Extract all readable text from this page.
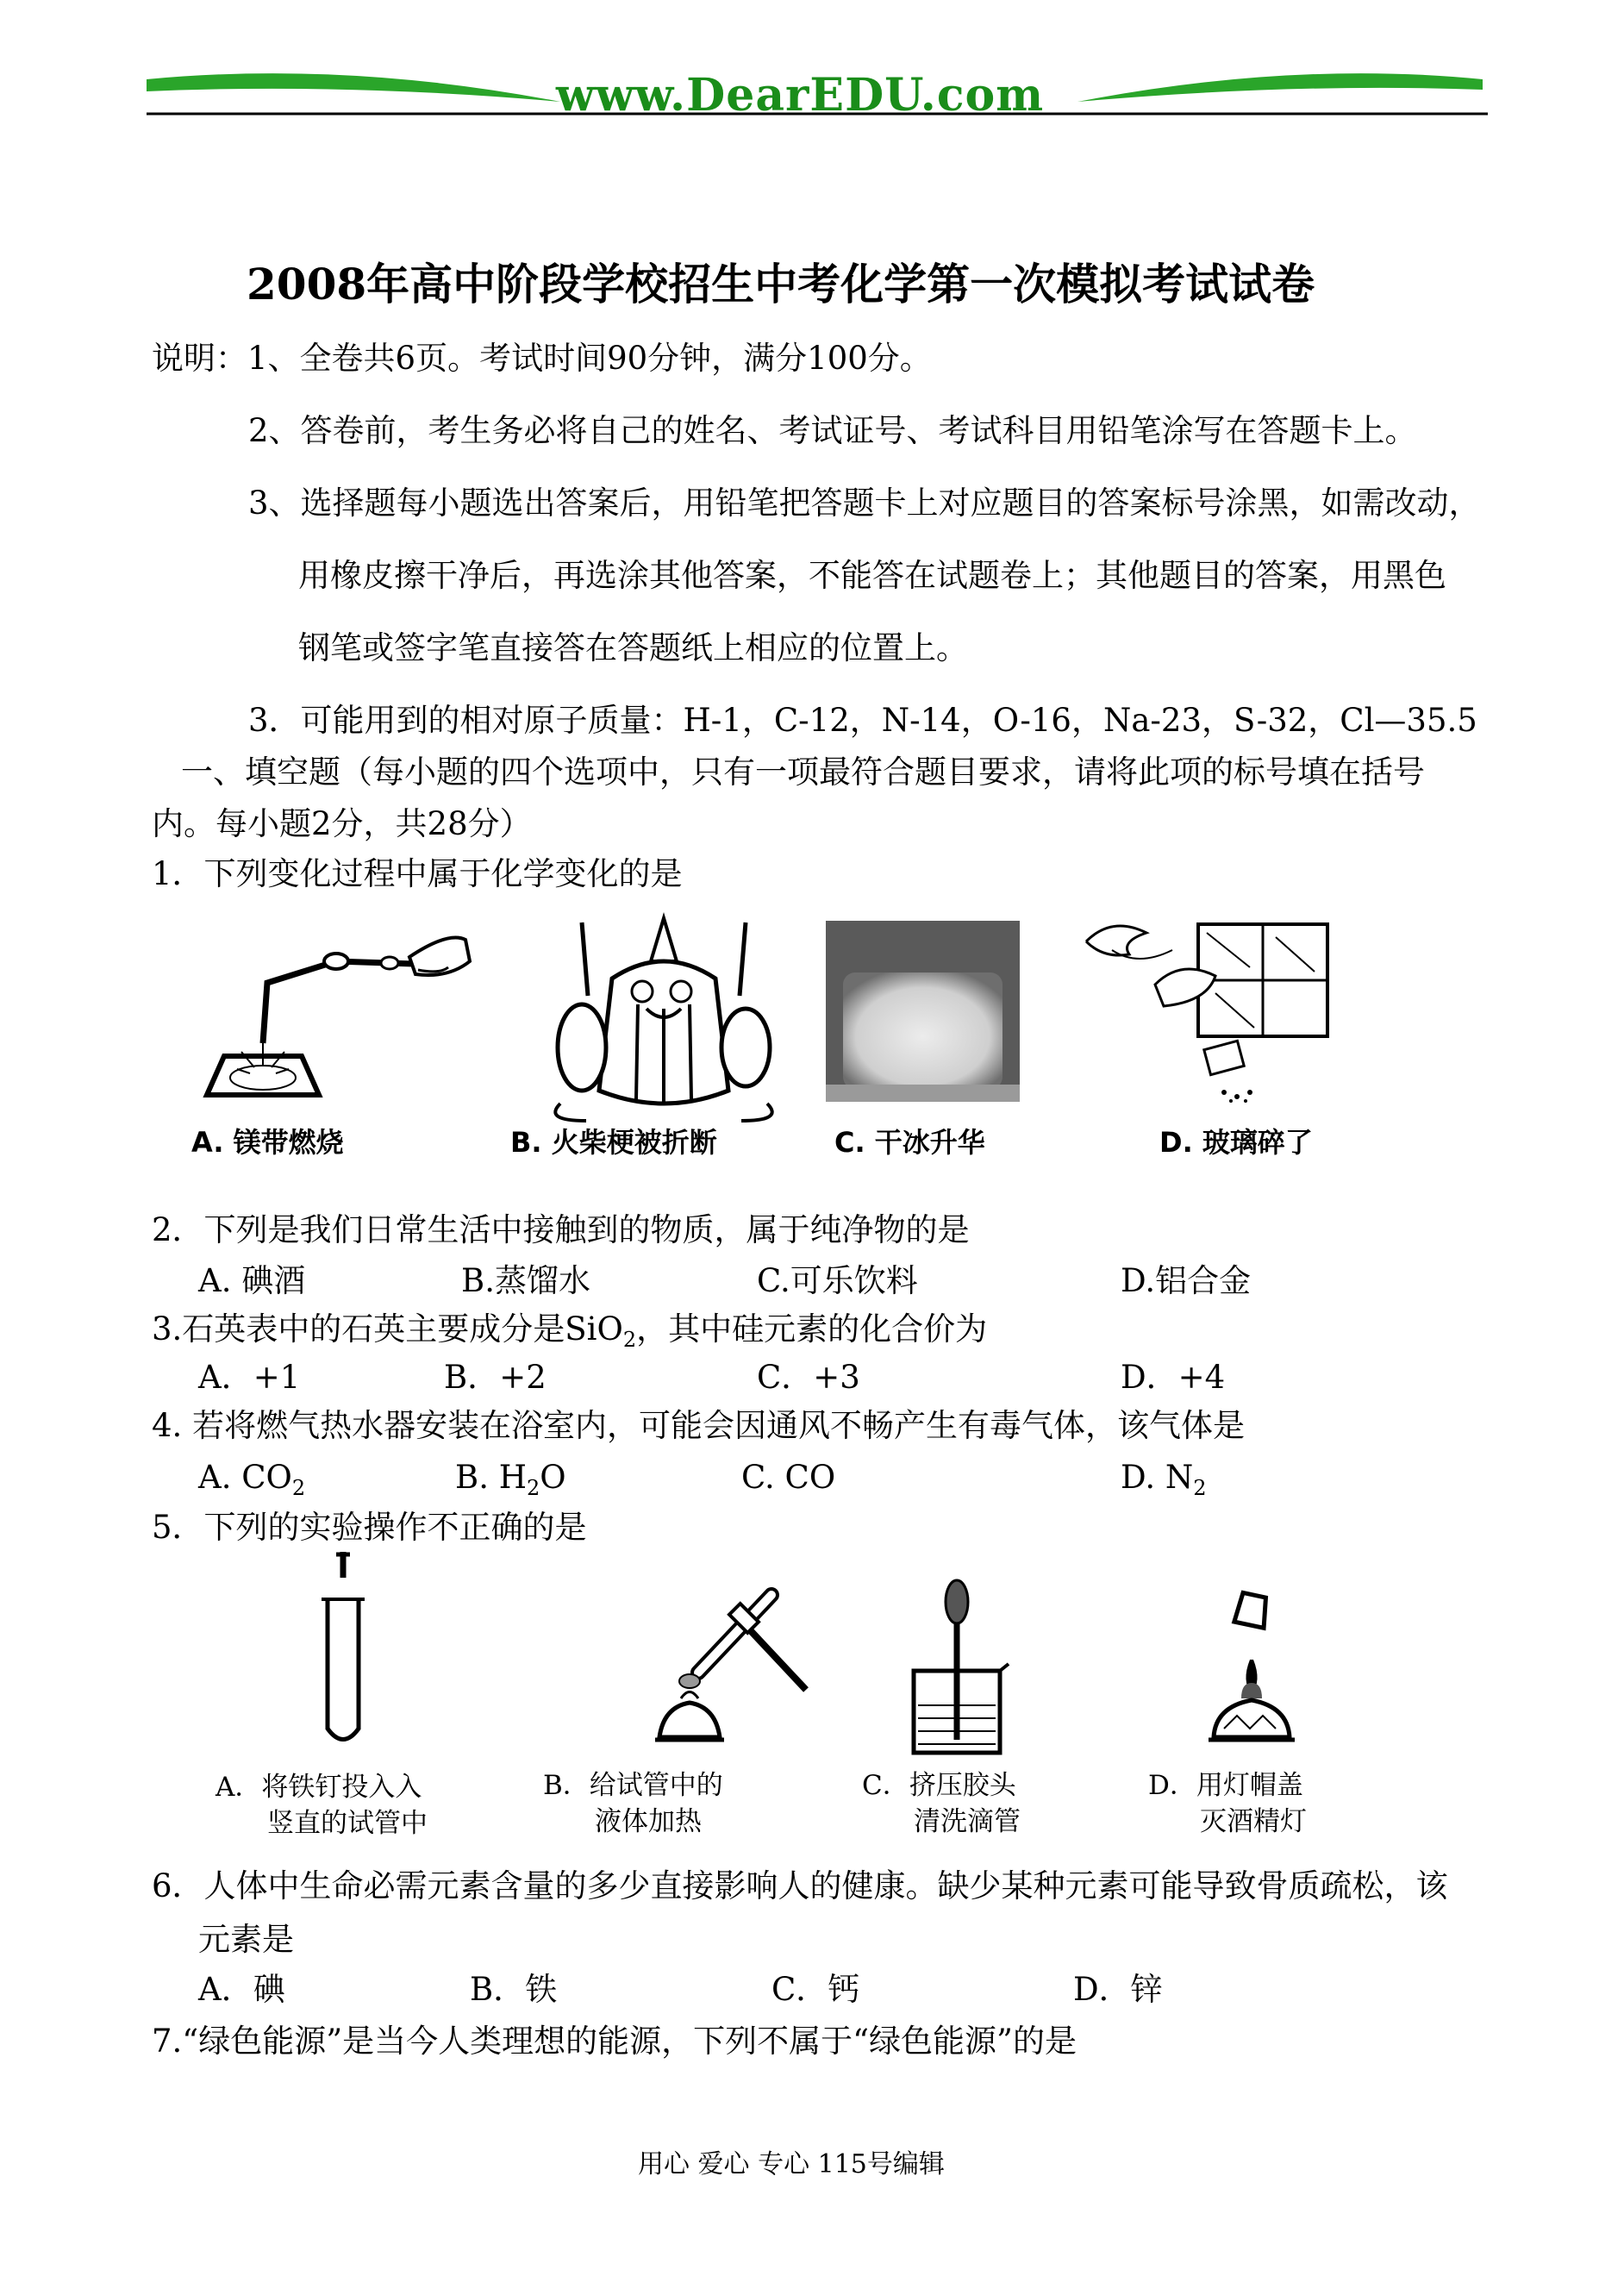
www.DearEDU.com
2008年高中阶段学校招生中考化学第一次模拟考试试卷
说明：1、全卷共6页。考试时间90分钟，满分100分。
2、答卷前，考生务必将自己的姓名、考试证号、考试科目用铅笔涂写在答题卡上。
3、选择题每小题选出答案后，用铅笔把答题卡上对应题目的答案标号涂黑，如需改动，
用橡皮擦干净后，再选涂其他答案，不能答在试题卷上；其他题目的答案，用黑色
钢笔或签字笔直接答在答题纸上相应的位置上。
3．可能用到的相对原子质量：H-1，C-12，N-14，O-16，Na-23，S-32，Cl—35.5
一、填空题（每小题的四个选项中，只有一项最符合题目要求，请将此项的标号填在括号
内。每小题2分，共28分）
1．下列变化过程中属于化学变化的是
A. 镁带燃烧	B. 火柴梗被折断	C. 干冰升华	D. 玻璃碎了
2．下列是我们日常生活中接触到的物质，属于纯净物的是
A. 碘酒	B.蒸馏水	C.可乐饮料	D.铝合金
3.石英表中的石英主要成分是SiO$_2$，其中硅元素的化合价为
A．+1	B．+2	C．+3	D．+4
4. 若将燃气热水器安装在浴室内，可能会因通风不畅产生有毒气体，该气体是
A. $CO_2$	B. $H_2O$	C. CO	D. $N_2$
5．下列的实验操作不正确的是
A．将铁钉投入入
竖直的试管中
B．给试管中的
液体加热
C．挤压胶头
清洗滴管
D．用灯帽盖
灭酒精灯
6．人体中生命必需元素含量的多少直接影响人的健康。缺少某种元素可能导致骨质疏松，该
元素是
A．碘	B．铁	C．钙	D．锌
7.“绿色能源”是当今人类理想的能源，下列不属于“绿色能源”的是
用心 爱心 专心 115号编辑
